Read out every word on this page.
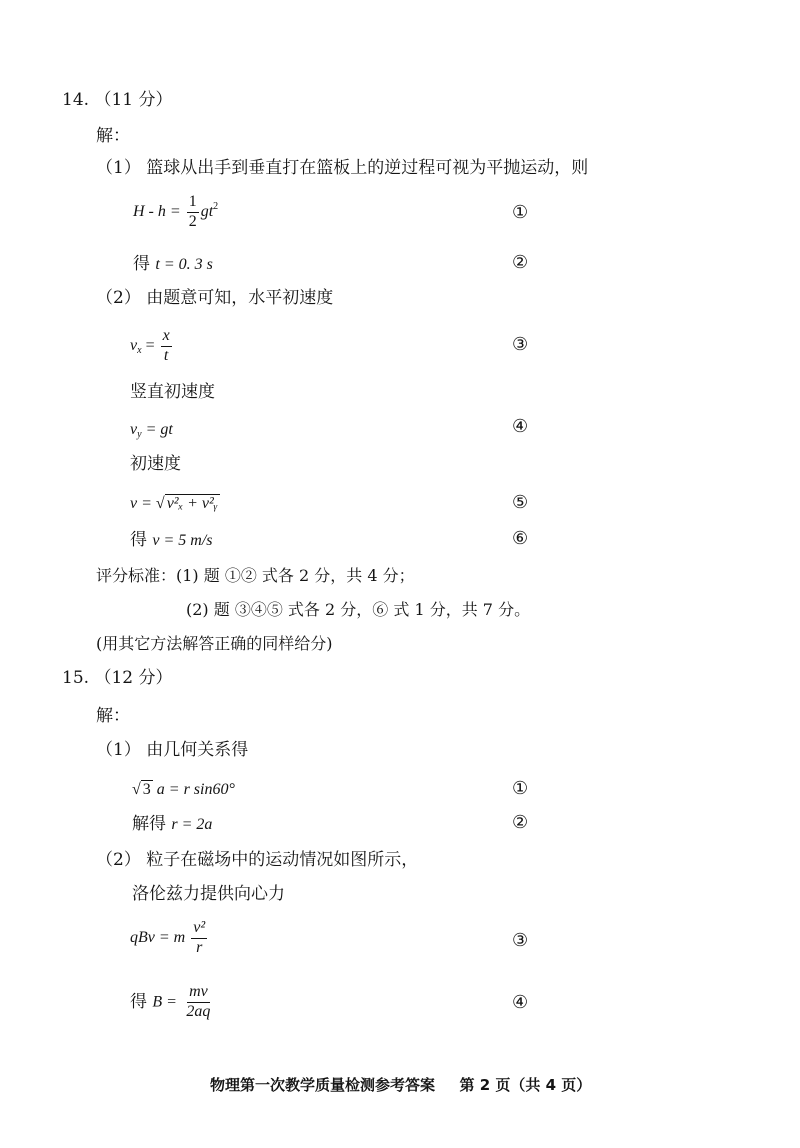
14. （11 分）
解：
（1） 篮球从出手到垂直打在篮板上的逆过程可视为平抛运动，则
$H - h = \frac{1}{2} gt^2$	①
得 t = 0. 3 s	②
（2） 由题意可知，水平初速度
$v_x = \frac{x}{t}$	③
竖直初速度
$v_y$ = gt	④
初速度
v = √ v²ₓ + v²ᵧ	⑤
得 v = 5 m/s	⑥
评分标准：(1) 题 ①② 式各 2 分，共 4 分；
(2) 题 ③④⑤ 式各 2 分，⑥ 式 1 分，共 7 分。
(用其它方法解答正确的同样给分)
15. （12 分）
解：
（1） 由几何关系得
√ 3 a = r sin60°	①
解得 r = 2a	②
（2） 粒子在磁场中的运动情况如图所示，
洛伦兹力提供向心力
qBv = m $\frac{\text{v²}}{r}$	③
得 $B = \frac{mv}{2aq}$	④
物理第一次教学质量检测参考答案 第 2 页（共 4 页）
